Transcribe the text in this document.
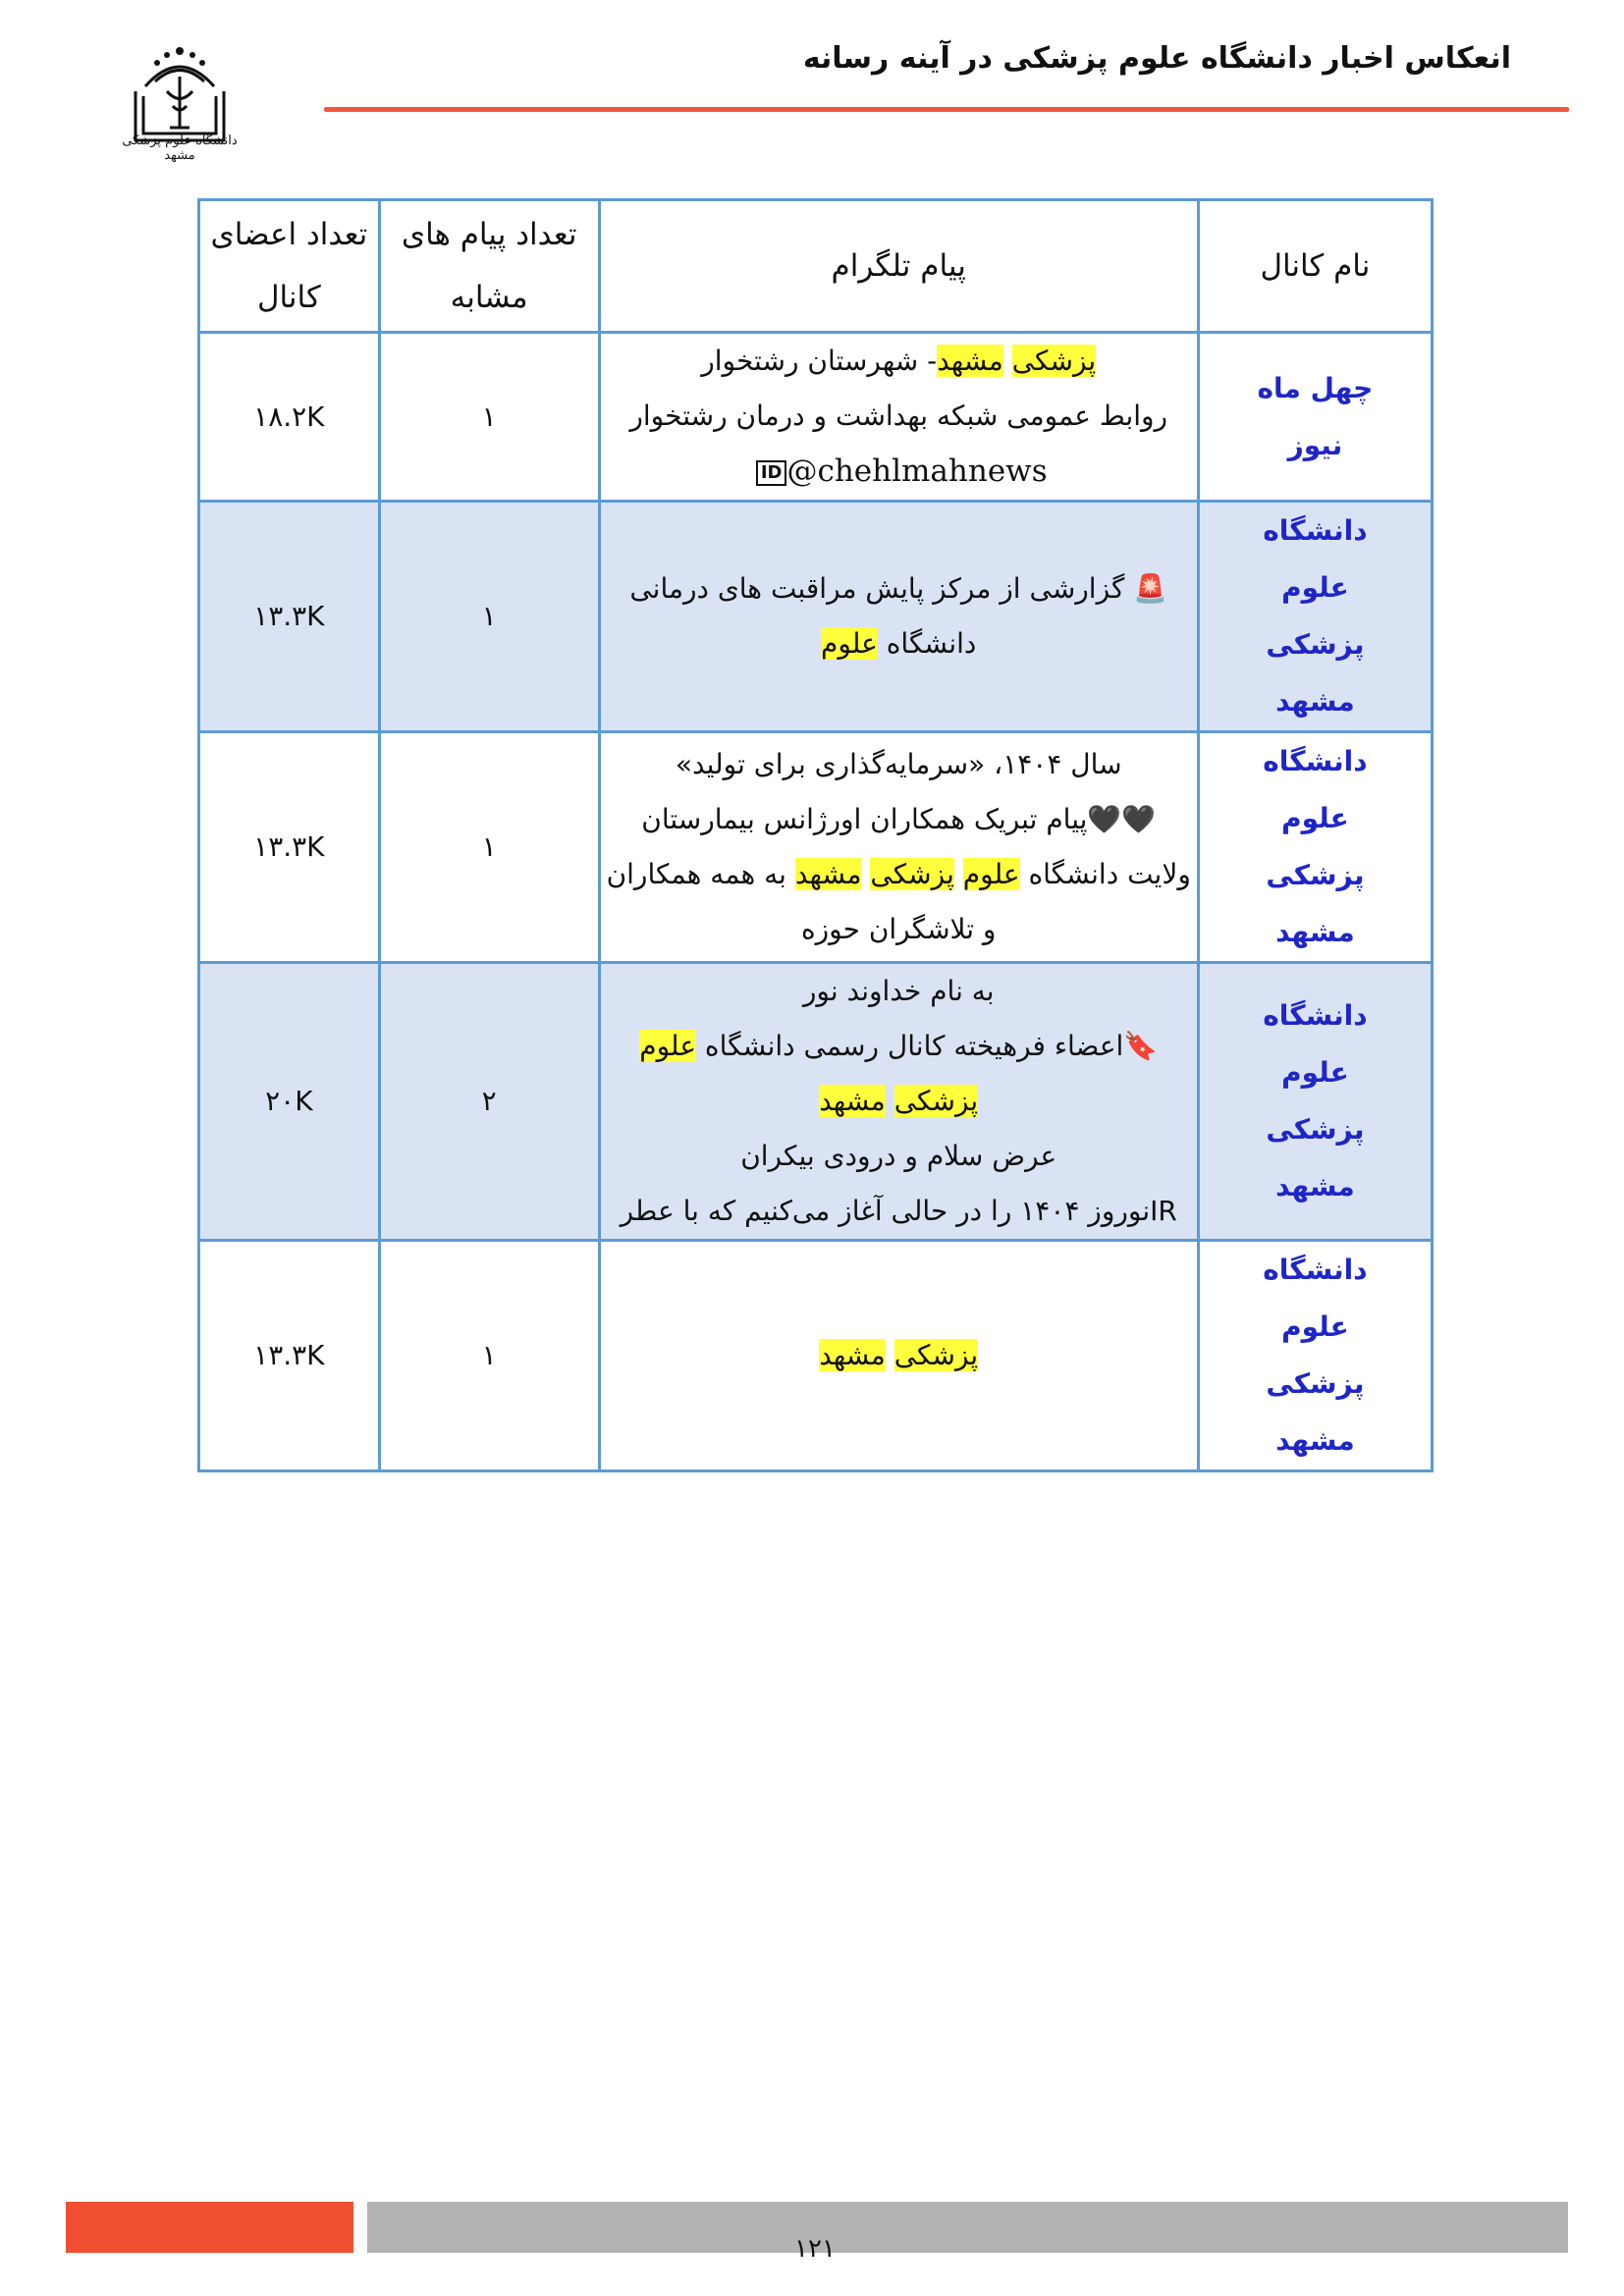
انعکاس اخبار دانشگاه علوم پزشکی در آینه رسانه
دانشگاه علوم پزشکی مشهد
نام کانال	پیام تلگرام	تعداد پیام های مشابه	تعداد اعضای کانال
چهل ماه نیوز	پزشکی مشهد- شهرستان رشتخوار
روابط عمومی شبکه بهداشت و درمان رشتخوار
@chehlmahnewsID	۱	۱۸.۲K
دانشگاه علوم پزشکی مشهد	🚨 گزارشی از مرکز پایش مراقبت های درمانی
دانشگاه علوم	۱	۱۳.۳K
دانشگاه علوم پزشکی مشهد	سال ۱۴۰۴، «سرمایه‌گذاری برای تولید»
🖤🖤پیام تبریک همکاران اورژانس بیمارستان
ولایت دانشگاه علوم پزشکی مشهد به همه همکاران
و تلاشگران حوزه	۱	۱۳.۳K
دانشگاه علوم پزشکی مشهد	به نام خداوند نور
🔖اعضاء فرهیخته کانال رسمی دانشگاه علوم
پزشکی مشهد
عرض سلام و درودی بیکران
IRنوروز ۱۴۰۴ را در حالی آغاز می‌کنیم که با عطر	۲	۲۰K
دانشگاه علوم پزشکی مشهد	پزشکی مشهد	۱	۱۳.۳K
۱۲۱
